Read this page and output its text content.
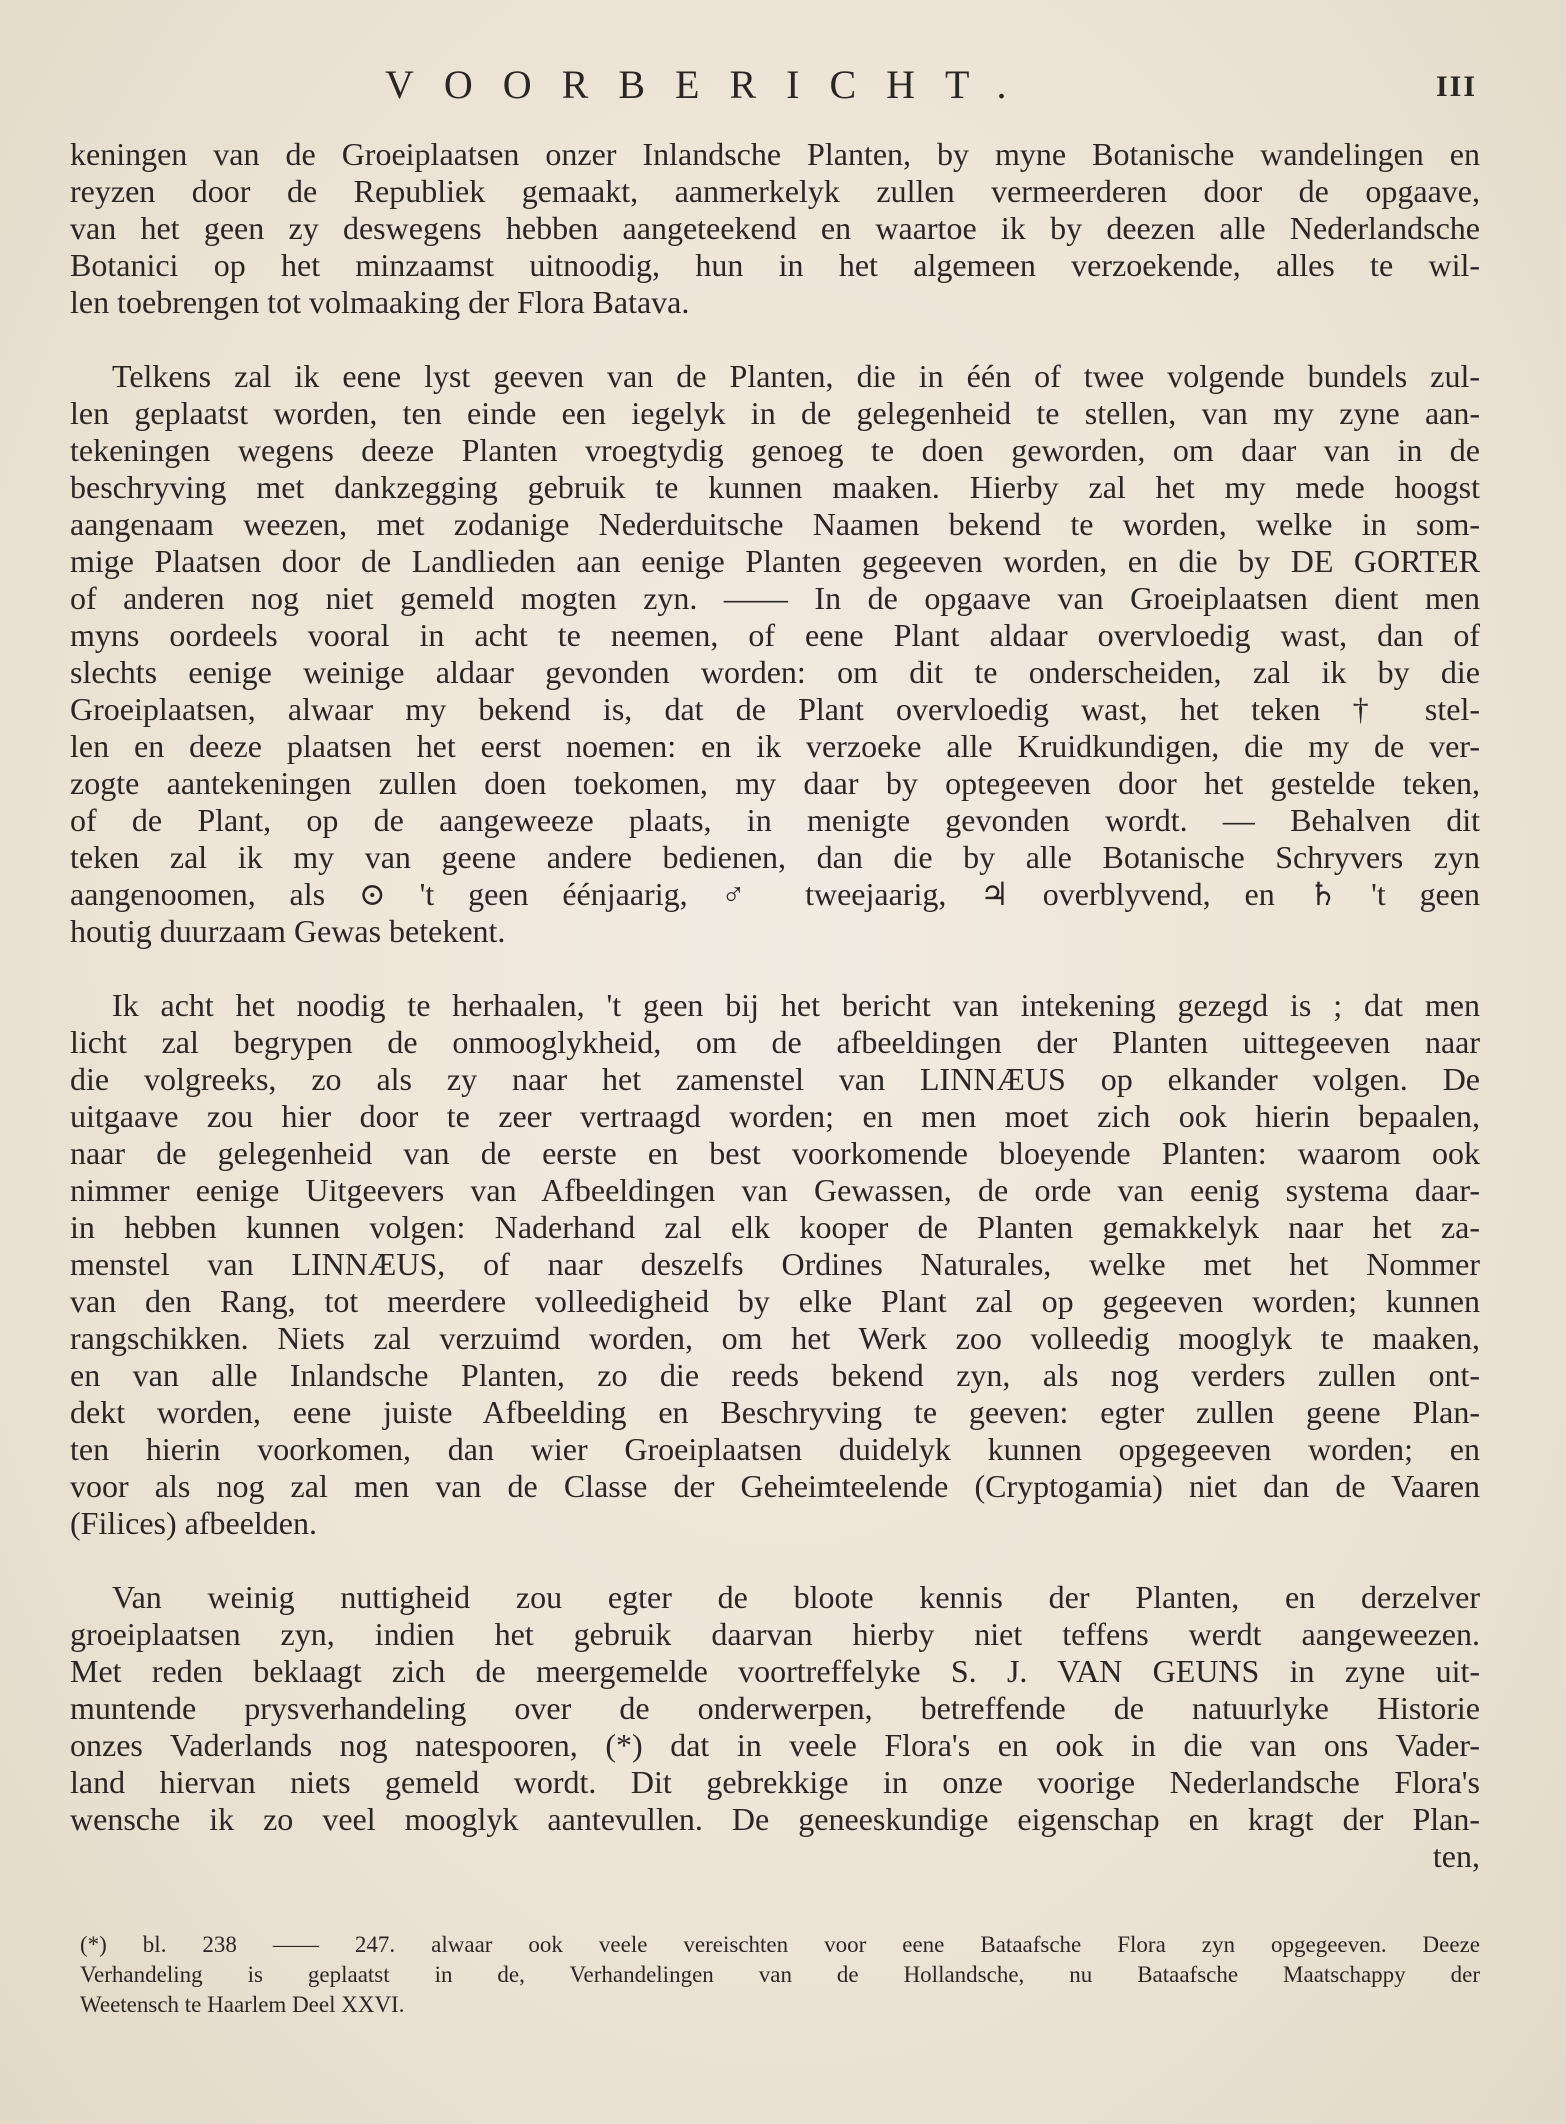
VOORBERICHT.	III
keningen van de Groeiplaatsen onzer Inlandsche Planten, by myne Botanische wandelingen en
reyzen door de Republiek gemaakt, aanmerkelyk zullen vermeerderen door de opgaave,
van het geen zy deswegens hebben aangeteekend en waartoe ik by deezen alle Nederlandsche
Botanici op het minzaamst uitnoodig, hun in het algemeen verzoekende, alles te wil-
len toebrengen tot volmaaking der Flora Batava.
Telkens zal ik eene lyst geeven van de Planten, die in één of twee volgende bundels zul-
len geplaatst worden, ten einde een iegelyk in de gelegenheid te stellen, van my zyne aan-
tekeningen wegens deeze Planten vroegtydig genoeg te doen geworden, om daar van in de
beschryving met dankzegging gebruik te kunnen maaken. Hierby zal het my mede hoogst
aangenaam weezen, met zodanige Nederduitsche Naamen bekend te worden, welke in som-
mige Plaatsen door de Landlieden aan eenige Planten gegeeven worden, en die by DE GORTER
of anderen nog niet gemeld mogten zyn. —— In de opgaave van Groeiplaatsen dient men
myns oordeels vooral in acht te neemen, of eene Plant aldaar overvloedig wast, dan of
slechts eenige weinige aldaar gevonden worden: om dit te onderscheiden, zal ik by die
Groeiplaatsen, alwaar my bekend is, dat de Plant overvloedig wast, het teken † stel-
len en deeze plaatsen het eerst noemen: en ik verzoeke alle Kruidkundigen, die my de ver-
zogte aantekeningen zullen doen toekomen, my daar by optegeeven door het gestelde teken,
of de Plant, op de aangeweeze plaats, in menigte gevonden wordt. — Behalven dit
teken zal ik my van geene andere bedienen, dan die by alle Botanische Schryvers zyn
aangenoomen, als ⊙ 't geen éénjaarig, ♂ tweejaarig, ♃ overblyvend, en ♄ 't geen
houtig duurzaam Gewas betekent.
Ik acht het noodig te herhaalen, 't geen bij het bericht van intekening gezegd is ; dat men
licht zal begrypen de onmooglykheid, om de afbeeldingen der Planten uittegeeven naar
die volgreeks, zo als zy naar het zamenstel van LINNÆUS op elkander volgen. De
uitgaave zou hier door te zeer vertraagd worden; en men moet zich ook hierin bepaalen,
naar de gelegenheid van de eerste en best voorkomende bloeyende Planten: waarom ook
nimmer eenige Uitgeevers van Afbeeldingen van Gewassen, de orde van eenig systema daar-
in hebben kunnen volgen: Naderhand zal elk kooper de Planten gemakkelyk naar het za-
menstel van LINNÆUS, of naar deszelfs Ordines Naturales, welke met het Nommer
van den Rang, tot meerdere volleedigheid by elke Plant zal op gegeeven worden; kunnen
rangschikken. Niets zal verzuimd worden, om het Werk zoo volleedig mooglyk te maaken,
en van alle Inlandsche Planten, zo die reeds bekend zyn, als nog verders zullen ont-
dekt worden, eene juiste Afbeelding en Beschryving te geeven: egter zullen geene Plan-
ten hierin voorkomen, dan wier Groeiplaatsen duidelyk kunnen opgegeeven worden; en
voor als nog zal men van de Classe der Geheimteelende (Cryptogamia) niet dan de Vaaren
(Filices) afbeelden.
Van weinig nuttigheid zou egter de bloote kennis der Planten, en derzelver
groeiplaatsen zyn, indien het gebruik daarvan hierby niet teffens werdt aangeweezen.
Met reden beklaagt zich de meergemelde voortreffelyke S. J. VAN GEUNS in zyne uit-
muntende prysverhandeling over de onderwerpen, betreffende de natuurlyke Historie
onzes Vaderlands nog natespooren, (*) dat in veele Flora's en ook in die van ons Vader-
land hiervan niets gemeld wordt. Dit gebrekkige in onze voorige Nederlandsche Flora's
wensche ik zo veel mooglyk aantevullen. De geneeskundige eigenschap en kragt der Plan-
ten,
(*) bl. 238 —— 247. alwaar ook veele vereischten voor eene Bataafsche Flora zyn opgegeeven. Deeze
Verhandeling is geplaatst in de, Verhandelingen van de Hollandsche, nu Bataafsche Maatschappy der
Weetensch te Haarlem Deel XXVI.
